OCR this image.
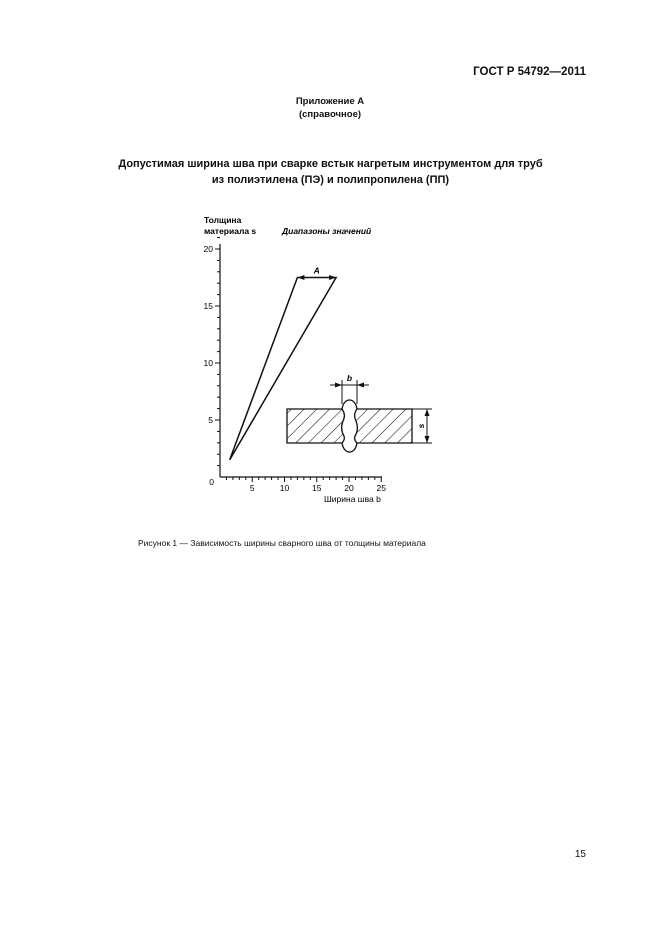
ГОСТ Р 54792—2011
Приложение А
(справочное)
Допустимая ширина шва при сварке встык нагретым инструментом для труб
из полиэтилена (ПЭ) и полипропилена (ПП)
5
10
15
20
5	10	15	20	25
Толщина
материала s	Диапазоны значений
0
Ширина шва b
A
b
s
Рисунок 1 — Зависимость ширины сварного шва от толщины материала
15
